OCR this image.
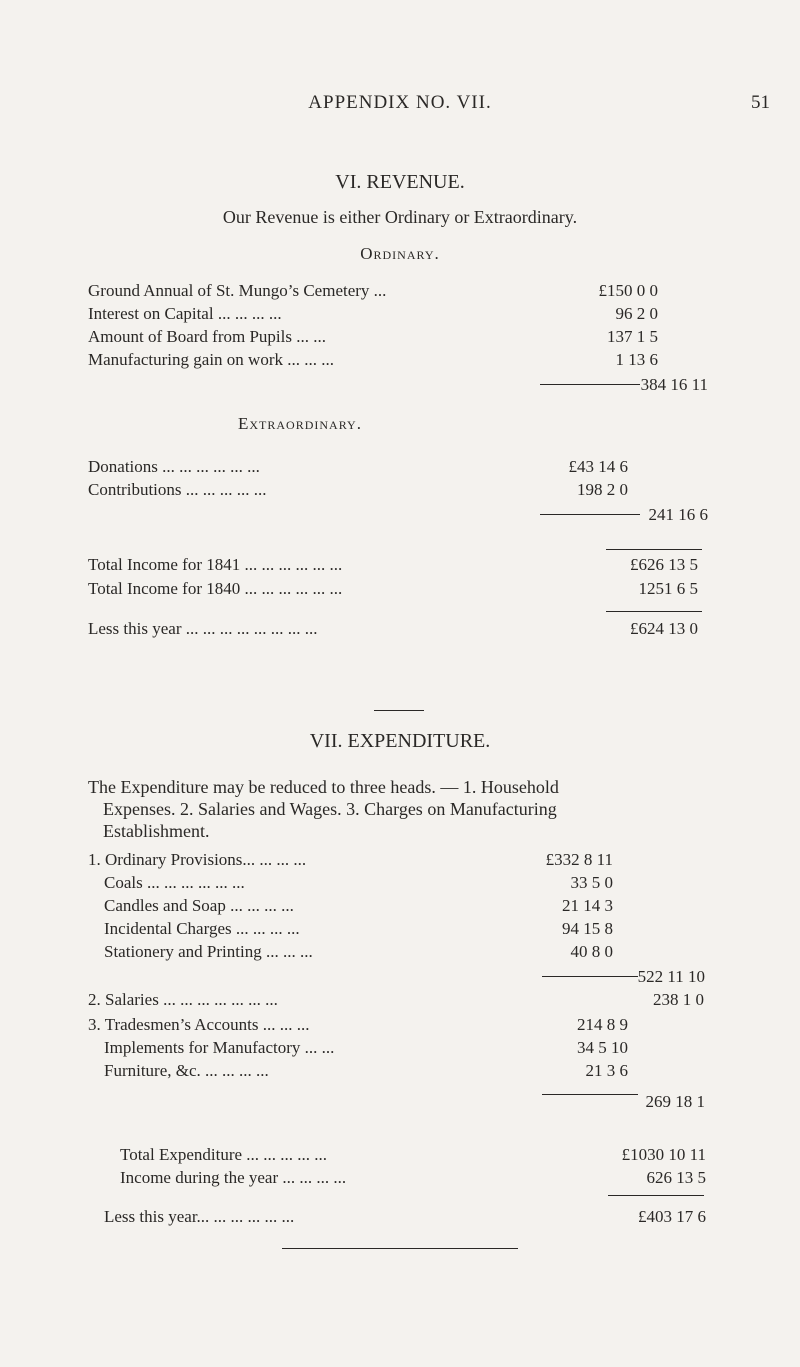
APPENDIX NO. VII.	51
VI. REVENUE.
Our Revenue is either Ordinary or Extraordinary.
Ordinary.
Ground Annual of St. Mungo’s Cemetery ...	£150 0 0
Interest on Capital ... ... ... ...	96 2 0
Amount of Board from Pupils ... ...	137 1 5
Manufacturing gain on work ... ... ...	1 13 6
384 16 11
Extraordinary.
Donations ... ... ... ... ... ...	£43 14 6
Contributions ... ... ... ... ...	198 2 0
241 16 6
Total Income for 1841 ... ... ... ... ... ...	£626 13 5
Total Income for 1840 ... ... ... ... ... ...	1251 6 5
Less this year ... ... ... ... ... ... ... ...	£624 13 0
VII. EXPENDITURE.
The Expenditure may be reduced to three heads. — 1. Household
Expenses. 2. Salaries and Wages. 3. Charges on Manufacturing
Establishment.
1. Ordinary Provisions... ... ... ...	£332 8 11
Coals ... ... ... ... ... ...	33 5 0
Candles and Soap ... ... ... ...	21 14 3
Incidental Charges ... ... ... ...	94 15 8
Stationery and Printing ... ... ...	40 8 0
522 11 10
2. Salaries ... ... ... ... ... ... ...	238 1 0
3. Tradesmen’s Accounts ... ... ...	214 8 9
Implements for Manufactory ... ...	34 5 10
Furniture, &c. ... ... ... ...	21 3 6
269 18 1
Total Expenditure ... ... ... ... ...	£1030 10 11
Income during the year ... ... ... ...	626 13 5
Less this year... ... ... ... ... ...	£403 17 6
